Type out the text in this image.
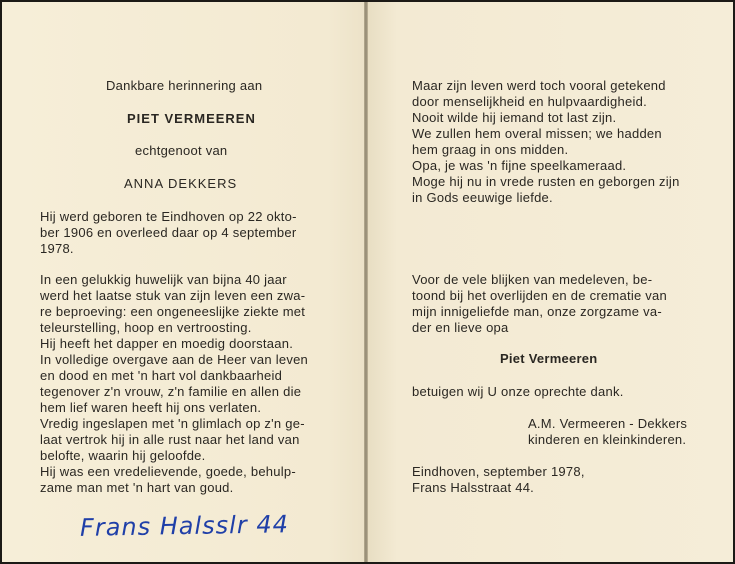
Dankbare herinnering aan
PIET VERMEEREN
echtgenoot van
ANNA DEKKERS
Hij werd geboren te Eindhoven op 22 okto-
ber 1906 en overleed daar op 4 september
1978.
In een gelukkig huwelijk van bijna 40 jaar
werd het laatse stuk van zijn leven een zwa-
re beproeving: een ongeneeslijke ziekte met
teleurstelling, hoop en vertroosting.
Hij heeft het dapper en moedig doorstaan.
In volledige overgave aan de Heer van leven
en dood en met 'n hart vol dankbaarheid
tegenover z'n vrouw, z'n familie en allen die
hem lief waren heeft hij ons verlaten.
Vredig ingeslapen met 'n glimlach op z'n ge-
laat vertrok hij in alle rust naar het land van
belofte, waarin hij geloofde.
Hij was een vredelievende, goede, behulp-
zame man met 'n hart van goud.
Frans Halsslr 44
Maar zijn leven werd toch vooral getekend
door menselijkheid en hulpvaardigheid.
Nooit wilde hij iemand tot last zijn.
We zullen hem overal missen; we hadden
hem graag in ons midden.
Opa, je was 'n fijne speelkameraad.
Moge hij nu in vrede rusten en geborgen zijn
in Gods eeuwige liefde.
Voor de vele blijken van medeleven, be-
toond bij het overlijden en de crematie van
mijn innigeliefde man, onze zorgzame va-
der en lieve opa
Piet Vermeeren
betuigen wij U onze oprechte dank.
A.M. Vermeeren - Dekkers
kinderen en kleinkinderen.
Eindhoven, september 1978,
Frans Halsstraat 44.
